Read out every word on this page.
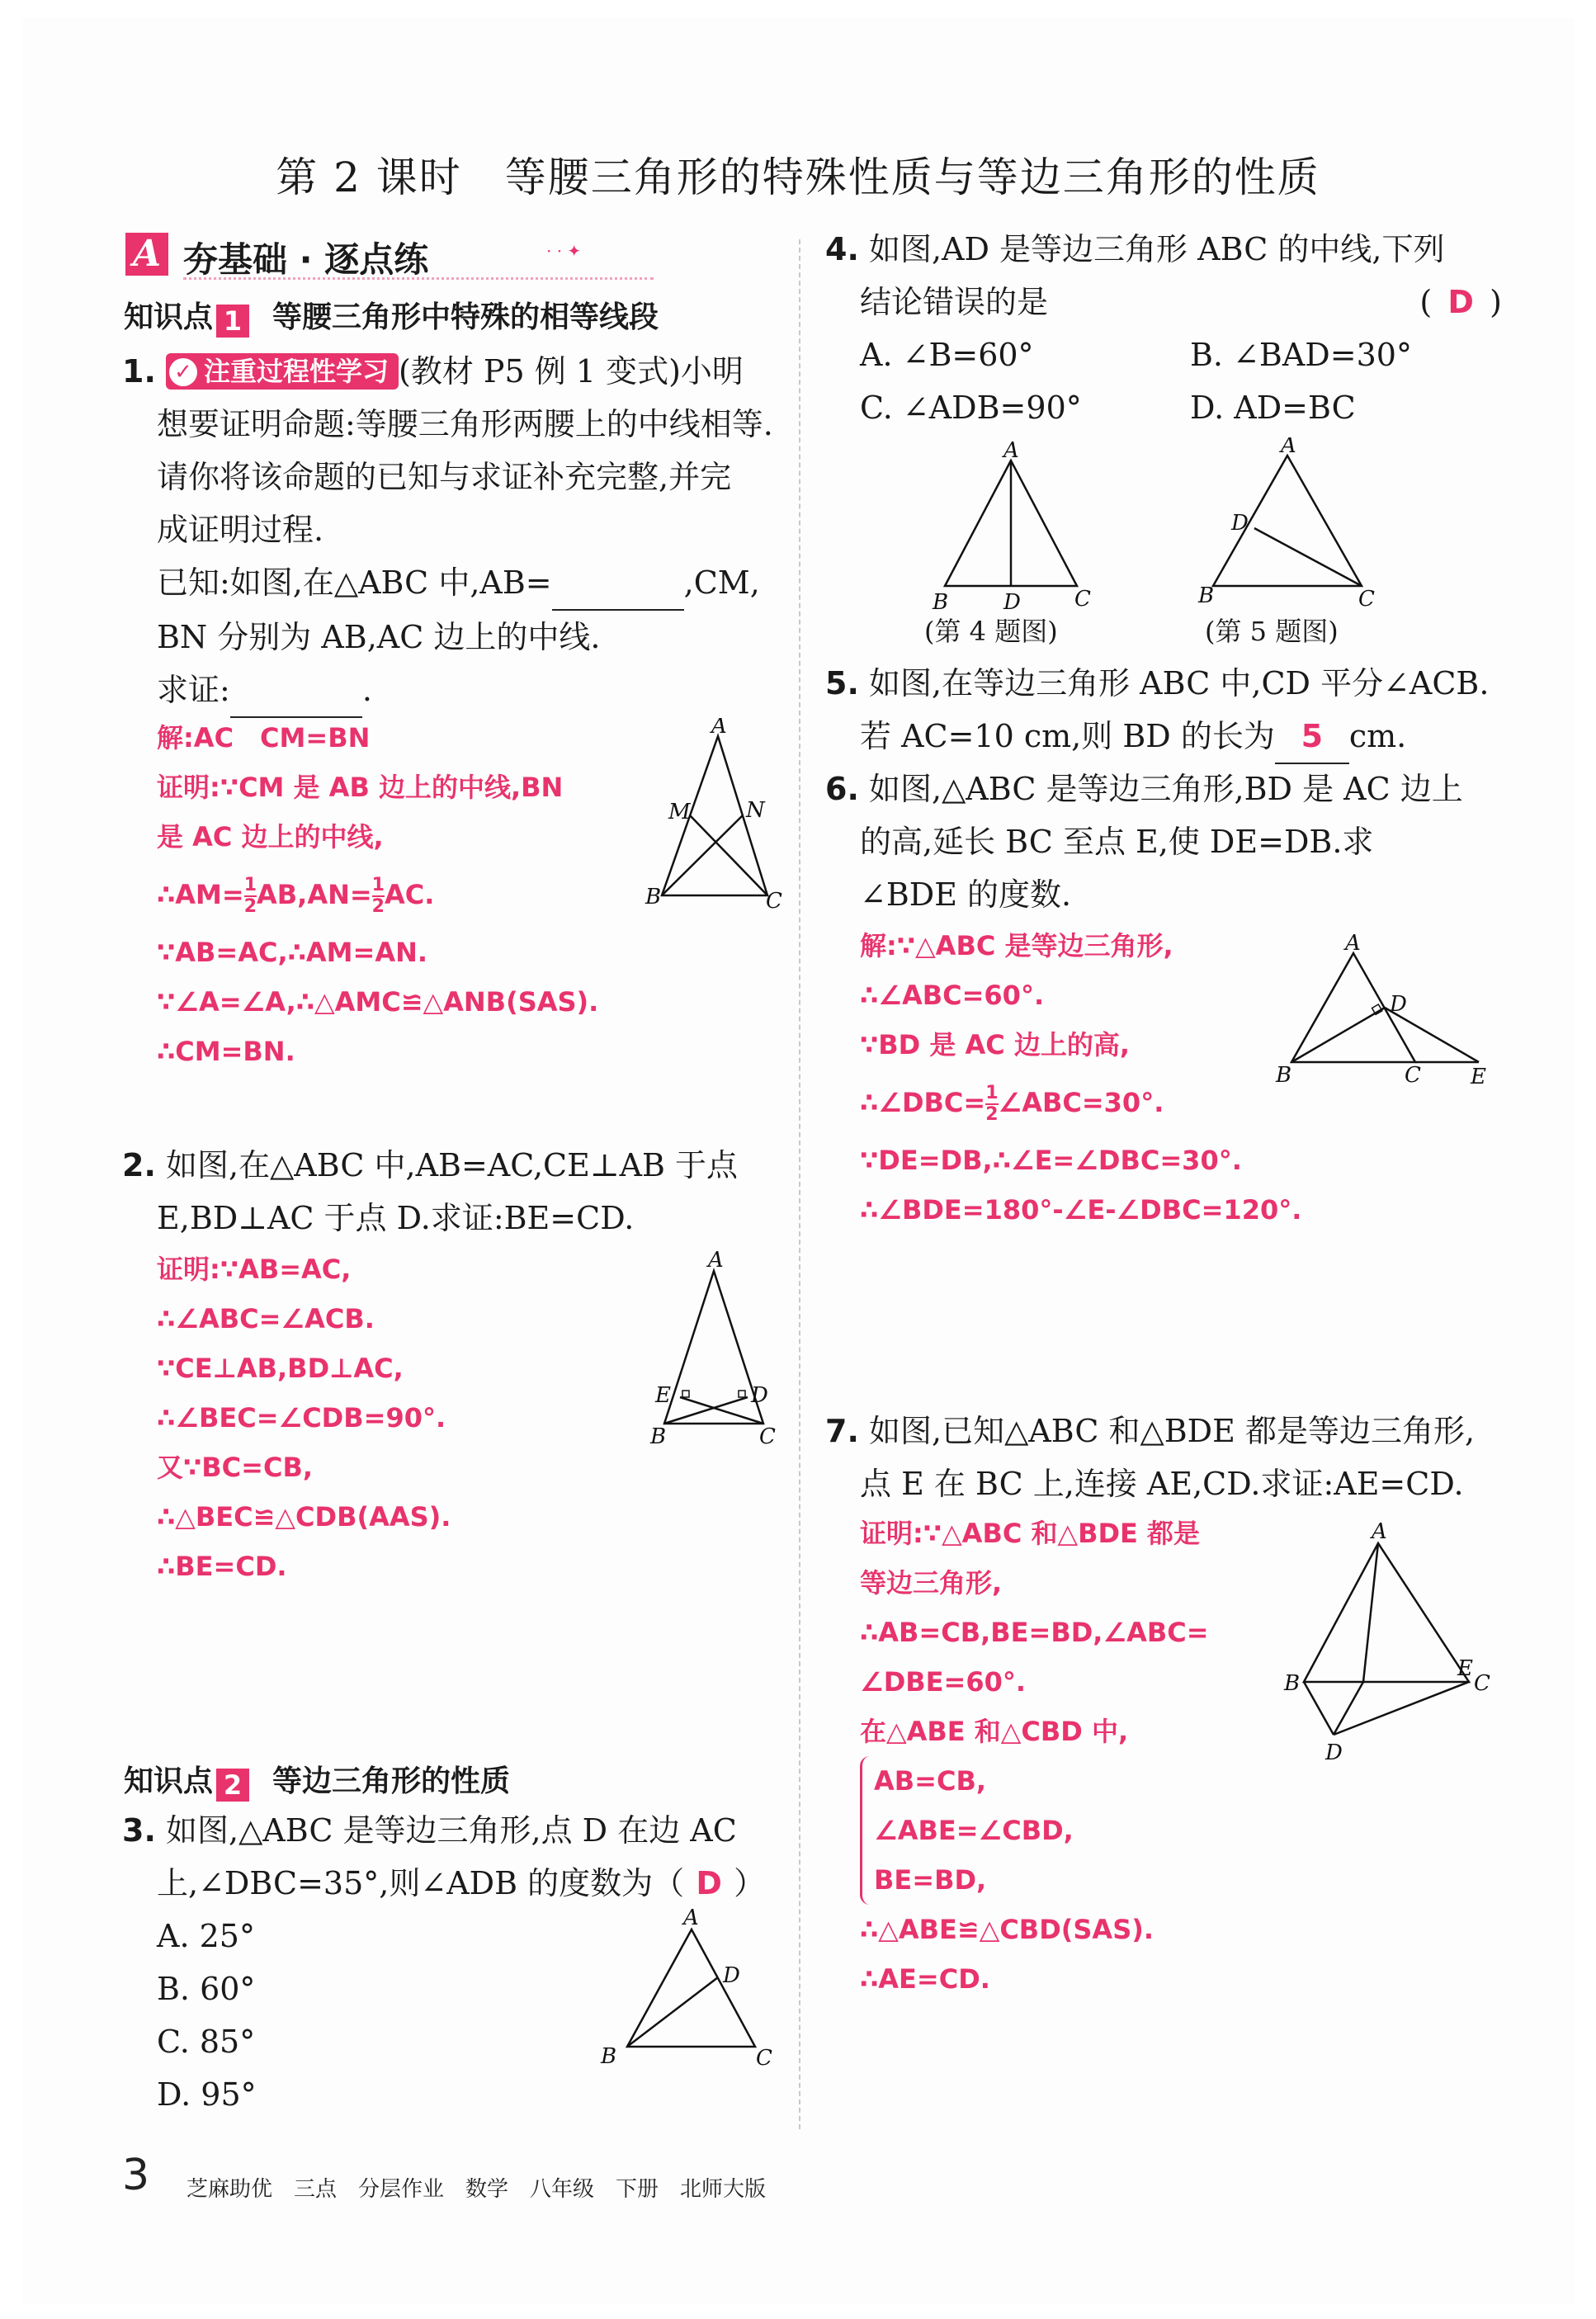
第 2 课时　等腰三角形的特殊性质与等边三角形的性质
A 夯基础 · 逐点练	· · ✦
知识点 1 等腰三角形中特殊的相等线段
1. ✓ 注重过程性学习 (教材 P5 例 1 变式)小明
想要证明命题:等腰三角形两腰上的中线相等.
请你将该命题的已知与求证补充完整,并完
成证明过程.
已知:如图,在△ABC 中,AB=	,CM,
BN 分别为 AB,AC 边上的中线.
求证:	.
解:AC　CM=BN
证明:∵CM 是 AB 边上的中线,BN
是 AC 边上的中线,
∴AM= $\frac{1}{2} AB,AN= \frac{1}{2}$ AC.
∵AB=AC,∴AM=AN.
∵∠A=∠A,∴△AMC≌△ANB(SAS).
∴CM=BN.
A
B	C
M	N
2. 如图,在△ABC 中,AB=AC,CE⊥AB 于点
E,BD⊥AC 于点 D.求证:BE=CD.
证明:∵AB=AC,
∴∠ABC=∠ACB.
∵CE⊥AB,BD⊥AC,
∴∠BEC=∠CDB=90°.
又∵BC=CB,
∴△BEC≌△CDB(AAS).
∴BE=CD.
A
B	C
E	D
知识点 2 等边三角形的性质
3. 如图,△ABC 是等边三角形,点 D 在边 AC
上,∠DBC=35°,则∠ADB 的度数为（ D ）
A. 25°
B. 60°
C. 85°
D. 95°
A
B	C
D
4. 如图,AD 是等边三角形 ABC 的中线,下列
结论错误的是	( D )
A. ∠B=60°	B. ∠BAD=30°
C. ∠ADB=90°	D. AD=BC
A
B	D	C
(第 4 题图)
A
B	C
D
(第 5 题图)
5. 如图,在等边三角形 ABC 中,CD 平分∠ACB.
若 AC=10 cm,则 BD 的长为 5 cm.
6. 如图,△ABC 是等边三角形,BD 是 AC 边上
的高,延长 BC 至点 E,使 DE=DB.求
∠BDE 的度数.
解:∵△ABC 是等边三角形,
∴∠ABC=60°.
∵BD 是 AC 边上的高,
∴∠DBC= $\frac{1}{2}$ ∠ABC=30°.
∵DE=DB,∴∠E=∠DBC=30°.
∴∠BDE=180°-∠E-∠DBC=120°.
A
B	C E
D
7. 如图,已知△ABC 和△BDE 都是等边三角形,
点 E 在 BC 上,连接 AE,CD.求证:AE=CD.
证明:∵△ABC 和△BDE 都是
等边三角形,
∴AB=CB,BE=BD,∠ABC=
∠DBE=60°.
在△ABE 和△CBD 中,
AB=CB,
∠ABE=∠CBD,
BE=BD,
∴△ABE≌△CBD(SAS).
∴AE=CD.
A
B
E
C
D
3 芝麻助优　三点　分层作业　数学　八年级　下册　北师大版
